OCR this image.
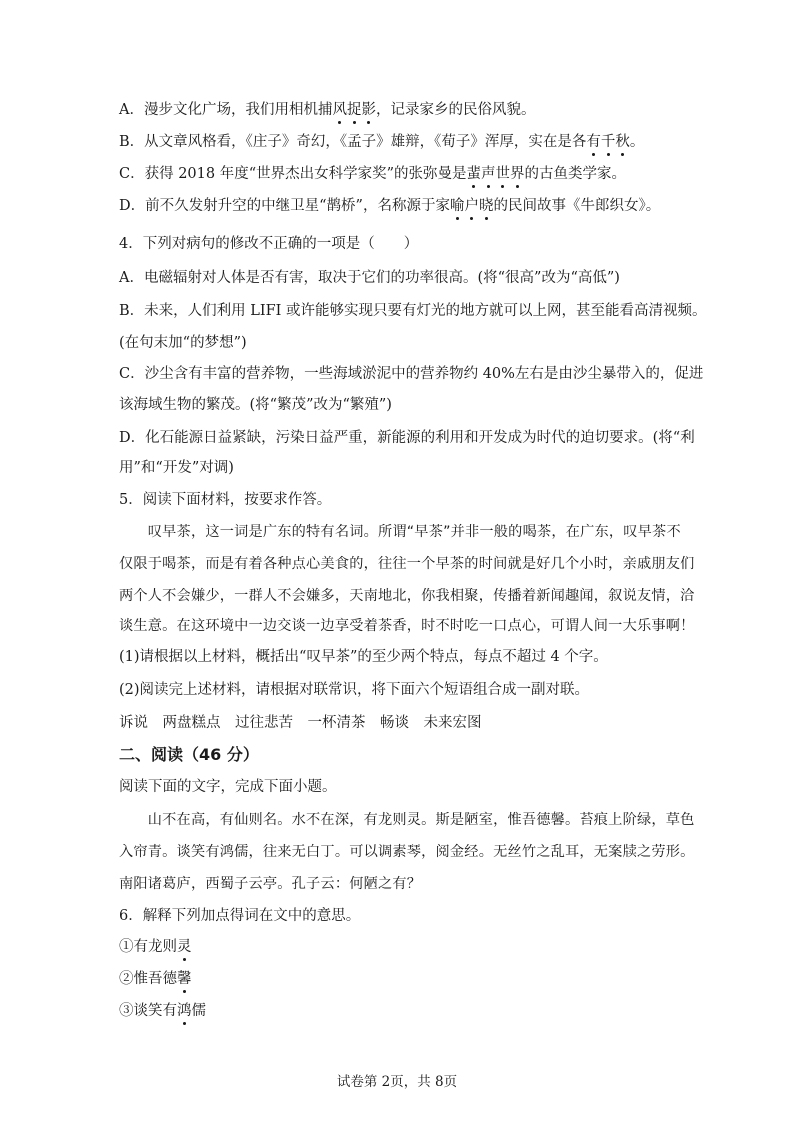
A．漫步文化广场，我们用相机捕风捉影，记录家乡的民俗风貌。
B．从文章风格看，《庄子》奇幻，《孟子》雄辩，《荀子》浑厚，实在是各有千秋。
C．获得 2018 年度“世界杰出女科学家奖”的张弥曼是蜚声世界的古鱼类学家。
D．前不久发射升空的中继卫星“鹊桥”，名称源于家喻户晓的民间故事《牛郎织女》。
4．下列对病句的修改不正确的一项是（　　）
A．电磁辐射对人体是否有害，取决于它们的功率很高。(将“很高”改为“高低”)
B．未来，人们利用 LIFI 或许能够实现只要有灯光的地方就可以上网，甚至能看高清视频。
(在句末加“的梦想”)
C．沙尘含有丰富的营养物，一些海域淤泥中的营养物约 40%左右是由沙尘暴带入的，促进
该海域生物的繁茂。(将“繁茂”改为“繁殖”)
D．化石能源日益紧缺，污染日益严重，新能源的利用和开发成为时代的迫切要求。(将“利
用”和“开发”对调)
5．阅读下面材料，按要求作答。
　　叹早茶，这一词是广东的特有名词。所谓“早茶”并非一般的喝茶，在广东，叹早茶不
仅限于喝茶，而是有着各种点心美食的，往往一个早茶的时间就是好几个小时，亲戚朋友们
两个人不会嫌少，一群人不会嫌多，天南地北，你我相聚，传播着新闻趣闻，叙说友情，洽
谈生意。在这环境中一边交谈一边享受着茶香，时不时吃一口点心，可谓人间一大乐事啊！
(1)请根据以上材料，概括出“叹早茶”的至少两个特点，每点不超过 4 个字。
(2)阅读完上述材料，请根据对联常识，将下面六个短语组合成一副对联。
诉说　两盘糕点　过往悲苦　一杯清茶　畅谈　未来宏图
二、阅读（46 分）
阅读下面的文字，完成下面小题。
　　山不在高，有仙则名。水不在深，有龙则灵。斯是陋室，惟吾德馨。苔痕上阶绿，草色
入帘青。谈笑有鸿儒，往来无白丁。可以调素琴，阅金经。无丝竹之乱耳，无案牍之劳形。
南阳诸葛庐，西蜀子云亭。孔子云：何陋之有？
6．解释下列加点得词在文中的意思。
①有龙则灵
②惟吾德馨
③谈笑有鸿儒
试卷第 2页，共 8页
